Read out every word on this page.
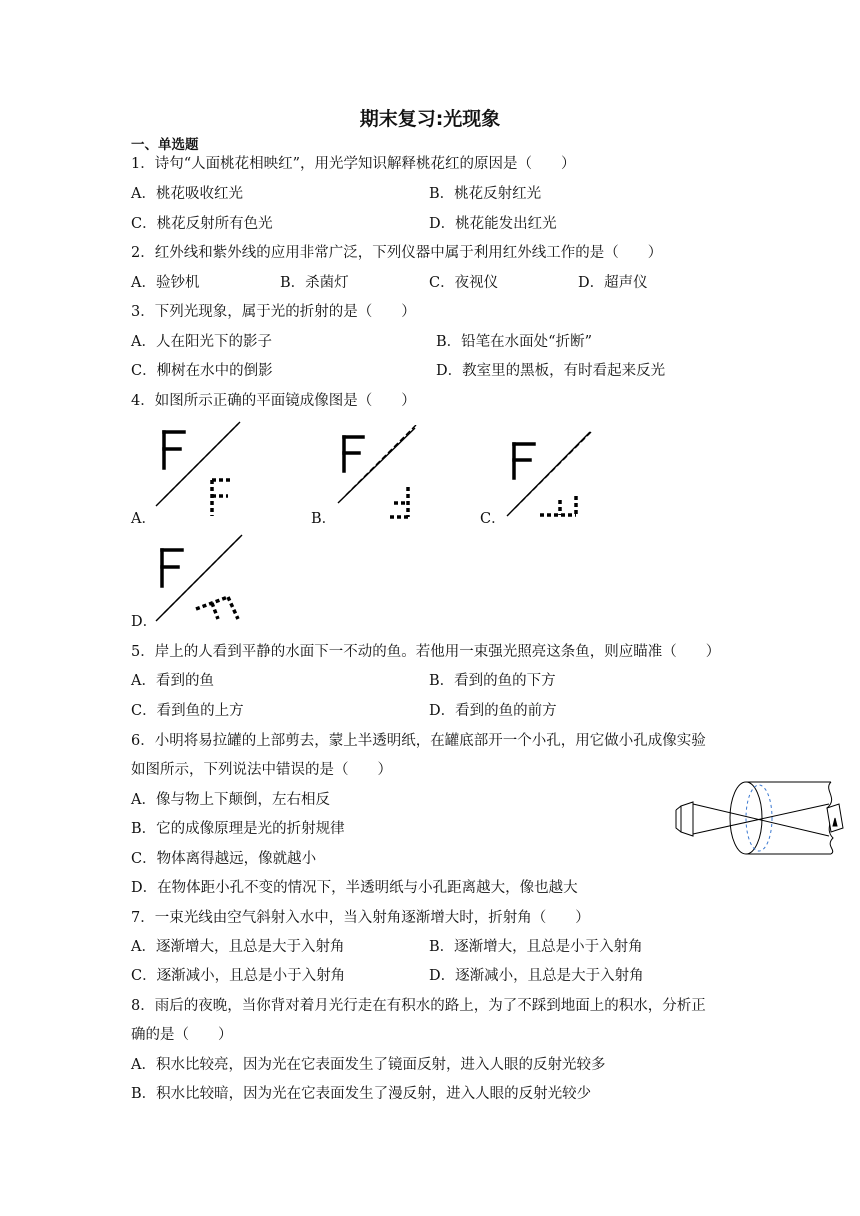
期末复习:光现象
一、单选题
1．诗句“人面桃花相映红”，用光学知识解释桃花红的原因是（　　）
A．桃花吸收红光	B．桃花反射红光
C．桃花反射所有色光	D．桃花能发出红光
2．红外线和紫外线的应用非常广泛，下列仪器中属于利用红外线工作的是（　　）
A．验钞机	B．杀菌灯	C．夜视仪	D．超声仪
3．下列光现象，属于光的折射的是（　　）
A．人在阳光下的影子	B．铅笔在水面处“折断”
C．柳树在水中的倒影	D．教室里的黑板，有时看起来反光
4．如图所示正确的平面镜成像图是（　　）
A．	B．	C．
D．
5．岸上的人看到平静的水面下一不动的鱼。若他用一束强光照亮这条鱼，则应瞄准（　　）
A．看到的鱼	B．看到的鱼的下方
C．看到鱼的上方	D．看到的鱼的前方
6．小明将易拉罐的上部剪去，蒙上半透明纸，在罐底部开一个小孔，用它做小孔成像实验
如图所示，下列说法中错误的是（　　）
A．像与物上下颠倒，左右相反
B．它的成像原理是光的折射规律
C．物体离得越远，像就越小
D．在物体距小孔不变的情况下，半透明纸与小孔距离越大，像也越大
7．一束光线由空气斜射入水中，当入射角逐渐增大时，折射角（　　）
A．逐渐增大，且总是大于入射角	B．逐渐增大，且总是小于入射角
C．逐渐减小，且总是小于入射角	D．逐渐减小，且总是大于入射角
8．雨后的夜晚，当你背对着月光行走在有积水的路上，为了不踩到地面上的积水，分析正
确的是（　　）
A．积水比较亮，因为光在它表面发生了镜面反射，进入人眼的反射光较多
B．积水比较暗，因为光在它表面发生了漫反射，进入人眼的反射光较少
